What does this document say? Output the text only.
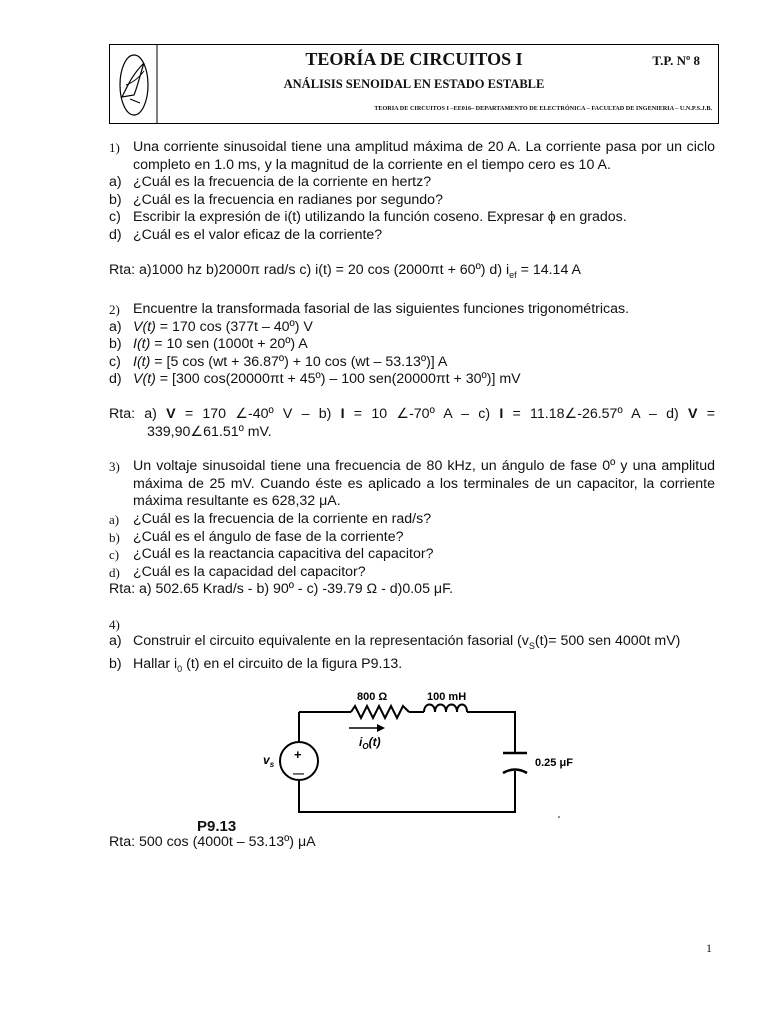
TEORÍA DE CIRCUITOS I	T.P. Nº 8
ANÁLISIS SENOIDAL EN ESTADO ESTABLE
TEORIA DE CIRCUITOS I –EE016– DEPARTAMENTO DE ELECTRÓNICA – FACULTAD DE INGENIERIA – U.N.P.S.J.B.
1) Una corriente sinusoidal tiene una amplitud máxima de 20 A. La corriente pasa por un ciclo completo en 1.0 ms, y la magnitud de la corriente en el tiempo cero es 10 A.
a) ¿Cuál es la frecuencia de la corriente en hertz?
b) ¿Cuál es la frecuencia en radianes por segundo?
c) Escribir la expresión de i(t) utilizando la función coseno. Expresar ϕ en grados.
d) ¿Cuál es el valor eficaz de la corriente?
Rta: a)1000 hz b)2000π rad/s c) i(t) = 20 cos (2000πt + 60º) d) $i_{ef} = 14.14$ A
2) Encuentre la transformada fasorial de las siguientes funciones trigonométricas.
a) V(t) = 170 cos (377t – 40º) V
b) I(t) = 10 sen (1000t + 20º) A
c) I(t) = [5 cos (wt + 36.87º) + 10 cos (wt – 53.13º)] A
d) V(t) = [300 cos(20000πt + 45º) – 100 sen(20000πt + 30º)] mV
Rta: a) V = 170 ∠-40º V – b) I = 10 ∠-70º A – c) I = 11.18∠-26.57º A – d) V =
339,90∠61.51º mV.
3) Un voltaje sinusoidal tiene una frecuencia de 80 kHz, un ángulo de fase 0º y una amplitud máxima de 25 mV. Cuando éste es aplicado a los terminales de un capacitor, la corriente máxima resultante es 628,32 μA.
a) ¿Cuál es la frecuencia de la corriente en rad/s?
b) ¿Cuál es el ángulo de fase de la corriente?
c) ¿Cuál es la reactancia capacitiva del capacitor?
d) ¿Cuál es la capacidad del capacitor?
Rta: a) 502.65 Krad/s - b) 90º - c) -39.79 Ω - d)0.05 μF.
4)
a) Construir el circuito equivalente en la representación fasorial ($v_S(t)= 500$ sen 4000t mV)
b) Hallar $i_0$ (t) en el circuito de la figura P9.13.
+
—
800 Ω	100 mH
0.25 μF
$i_O(t)$
$v_s$
P9.13
Rta: 500 cos (4000t – 53.13º) μA
1
